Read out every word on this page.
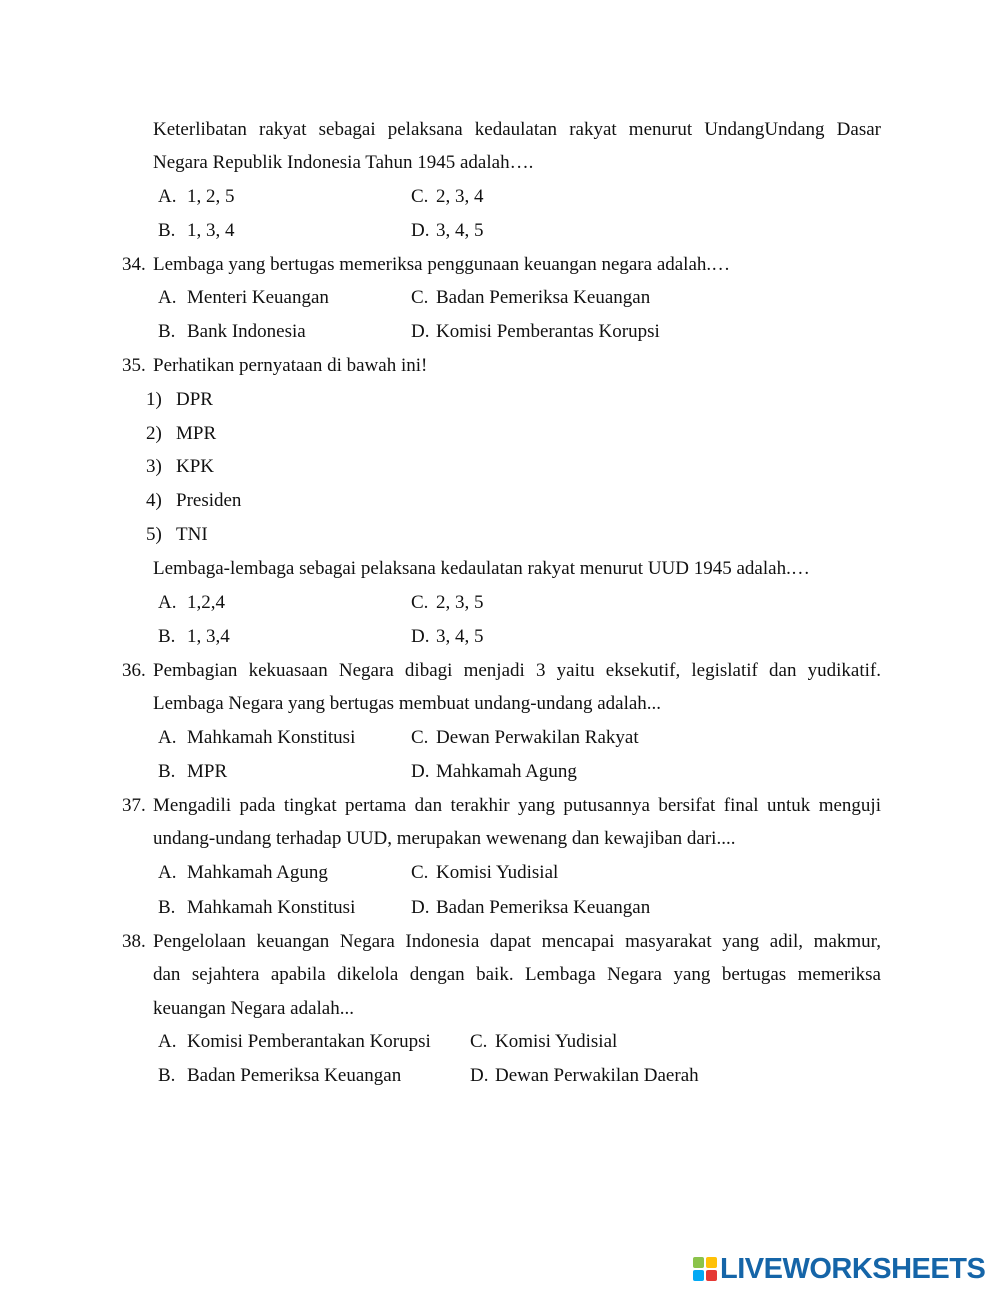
Keterlibatan rakyat sebagai pelaksana kedaulatan rakyat menurut UndangUndang Dasar
Negara Republik Indonesia Tahun 1945 adalah….
A. 1, 2, 5	C. 2, 3, 4
B. 1, 3, 4	D. 3, 4, 5
34. Lembaga yang bertugas memeriksa penggunaan keuangan negara adalah.…
A. Menteri Keuangan	C. Badan Pemeriksa Keuangan
B. Bank Indonesia	D. Komisi Pemberantas Korupsi
35. Perhatikan pernyataan di bawah ini!
1) DPR
2) MPR
3) KPK
4) Presiden
5) TNI
Lembaga-lembaga sebagai pelaksana kedaulatan rakyat menurut UUD 1945 adalah.…
A. 1,2,4	C. 2, 3, 5
B. 1, 3,4	D. 3, 4, 5
36. Pembagian kekuasaan Negara dibagi menjadi 3 yaitu eksekutif, legislatif dan yudikatif.
Lembaga Negara yang bertugas membuat undang-undang adalah...
A. Mahkamah Konstitusi	C. Dewan Perwakilan Rakyat
B. MPR	D. Mahkamah Agung
37. Mengadili pada tingkat pertama dan terakhir yang putusannya bersifat final untuk menguji
undang-undang terhadap UUD, merupakan wewenang dan kewajiban dari....
A. Mahkamah Agung	C. Komisi Yudisial
B. Mahkamah Konstitusi	D. Badan Pemeriksa Keuangan
38. Pengelolaan keuangan Negara Indonesia dapat mencapai masyarakat yang adil, makmur,
dan sejahtera apabila dikelola dengan baik. Lembaga Negara yang bertugas memeriksa
keuangan Negara adalah...
A. Komisi Pemberantakan Korupsi C. Komisi Yudisial
B. Badan Pemeriksa Keuangan	D. Dewan Perwakilan Daerah
LIVEWORKSHEETS
